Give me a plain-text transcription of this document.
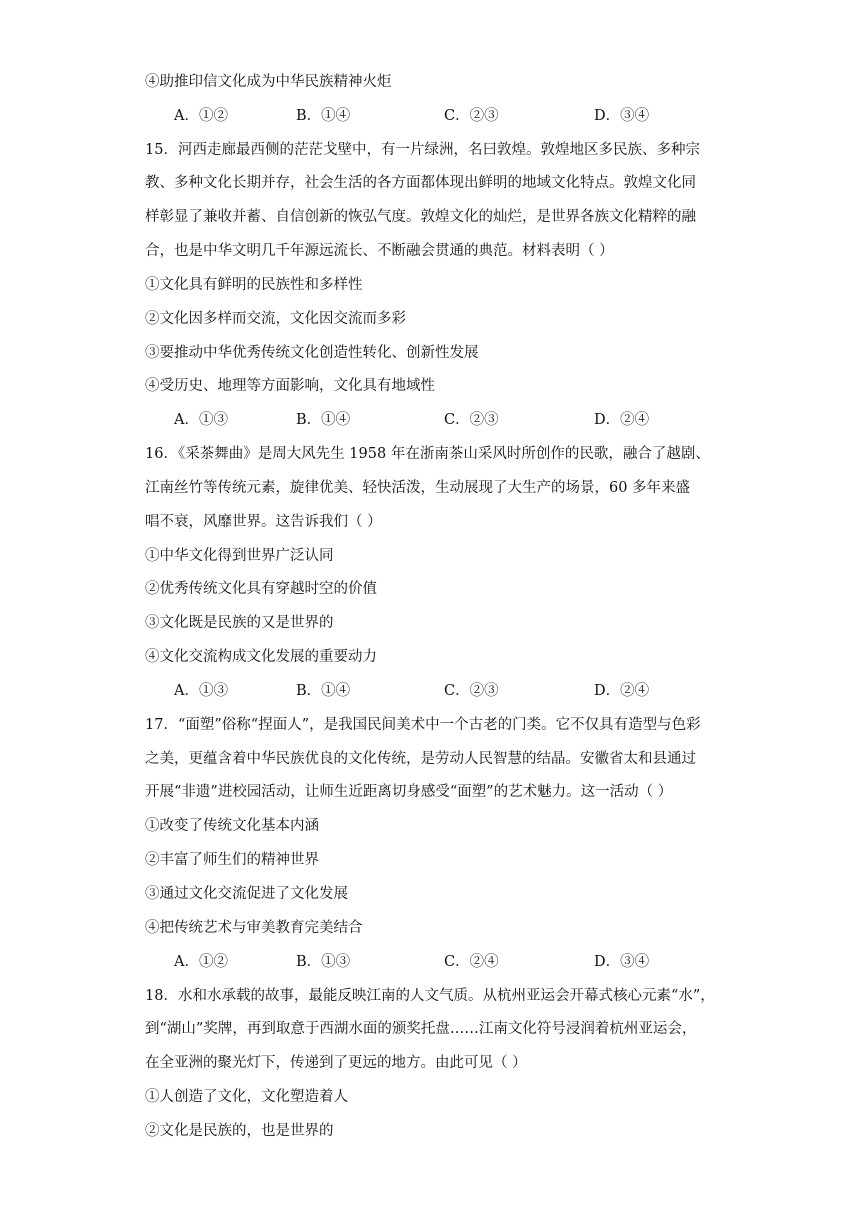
④助推印信文化成为中华民族精神火炬
A．①②	B．①④	C．②③	D．③④
15．河西走廊最西侧的茫茫戈壁中，有一片绿洲，名曰敦煌。敦煌地区多民族、多种宗
教、多种文化长期并存，社会生活的各方面都体现出鲜明的地域文化特点。敦煌文化同
样彰显了兼收并蓄、自信创新的恢弘气度。敦煌文化的灿烂，是世界各族文化精粹的融
合，也是中华文明几千年源远流长、不断融会贯通的典范。材料表明（ ）
①文化具有鲜明的民族性和多样性
②文化因多样而交流，文化因交流而多彩
③要推动中华优秀传统文化创造性转化、创新性发展
④受历史、地理等方面影响，文化具有地域性
A．①③	B．①④	C．②③	D．②④
16．《采茶舞曲》是周大风先生 1958 年在浙南茶山采风时所创作的民歌，融合了越剧、
江南丝竹等传统元素，旋律优美、轻快活泼，生动展现了大生产的场景，60 多年来盛
唱不衰，风靡世界。这告诉我们（ ）
①中华文化得到世界广泛认同
②优秀传统文化具有穿越时空的价值
③文化既是民族的又是世界的
④文化交流构成文化发展的重要动力
A．①③	B．①④	C．②③	D．②④
17．“面塑”俗称“捏面人”，是我国民间美术中一个古老的门类。它不仅具有造型与色彩
之美，更蕴含着中华民族优良的文化传统，是劳动人民智慧的结晶。安徽省太和县通过
开展“非遗”进校园活动，让师生近距离切身感受“面塑”的艺术魅力。这一活动（ ）
①改变了传统文化基本内涵
②丰富了师生们的精神世界
③通过文化交流促进了文化发展
④把传统艺术与审美教育完美结合
A．①②	B．①③	C．②④	D．③④
18．水和水承载的故事，最能反映江南的人文气质。从杭州亚运会开幕式核心元素“水”，
到“湖山”奖牌，再到取意于西湖水面的颁奖托盘……江南文化符号浸润着杭州亚运会，
在全亚洲的聚光灯下，传递到了更远的地方。由此可见（ ）
①人创造了文化，文化塑造着人
②文化是民族的，也是世界的
